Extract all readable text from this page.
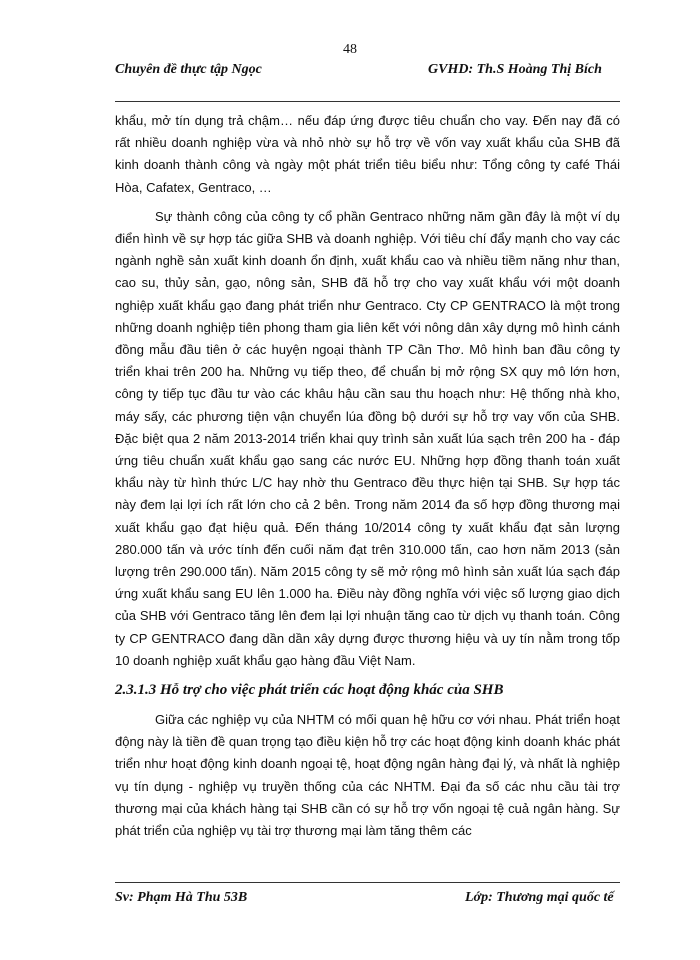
48
Chuyên đề thực tập Ngọc	GVHD: Th.S Hoàng Thị Bích

khẩu, mở tín dụng trả chậm… nếu đáp ứng được tiêu chuẩn cho vay. Đến nay đã có rất nhiều doanh nghiệp vừa và nhỏ nhờ sự hỗ trợ về vốn vay xuất khẩu của SHB đã kinh doanh thành công và ngày một phát triển tiêu biểu như: Tổng công ty café Thái Hòa, Cafatex, Gentraco, …

Sự thành công của công ty cổ phần Gentraco những năm gần đây là một ví dụ điển hình về sự hợp tác giữa SHB và doanh nghiệp. Với tiêu chí đẩy mạnh cho vay các ngành nghề sản xuất kinh doanh ổn định, xuất khẩu cao và nhiều tiềm năng như than, cao su, thủy sản, gạo, nông sản, SHB đã hỗ trợ cho vay xuất khẩu với một doanh nghiệp xuất khẩu gạo đang phát triển như Gentraco. Cty CP GENTRACO là một trong những doanh nghiệp tiên phong tham gia liên kết với nông dân xây dựng mô hình cánh đồng mẫu đầu tiên ở các huyện ngoại thành TP Cần Thơ. Mô hình ban đầu công ty triển khai trên 200 ha. Những vụ tiếp theo, để chuẩn bị mở rộng SX quy mô lớn hơn, công ty tiếp tục đầu tư vào các khâu hậu cần sau thu hoạch như: Hệ thống nhà kho, máy sấy, các phương tiện vận chuyển lúa đồng bộ dưới sự hỗ trợ vay vốn của SHB. Đặc biệt qua 2 năm 2013-2014 triển khai quy trình sản xuất lúa sạch trên 200 ha - đáp ứng tiêu chuẩn xuất khẩu gạo sang các nước EU. Những hợp đồng thanh toán xuất khẩu này từ hình thức L/C hay nhờ thu Gentraco đều thực hiện tại SHB. Sự hợp tác này đem lại lợi ích rất lớn cho cả 2 bên. Trong năm 2014 đa số hợp đồng thương mại xuất khẩu gạo đạt hiệu quả. Đến tháng 10/2014 công ty xuất khẩu đạt sản lượng 280.000 tấn và ước tính đến cuối năm đạt trên 310.000 tấn, cao hơn năm 2013 (sản lượng trên 290.000 tấn). Năm 2015 công ty sẽ mở rộng mô hình sản xuất lúa sạch đáp ứng xuất khẩu sang EU lên 1.000 ha. Điều này đồng nghĩa với việc số lượng giao dịch của SHB với Gentraco tăng lên đem lại lợi nhuận tăng cao từ dịch vụ thanh toán. Công ty CP GENTRACO đang dần dần xây dựng được thương hiệu và uy tín nằm trong tốp 10 doanh nghiệp xuất khẩu gạo hàng đầu Việt Nam.

2.3.1.3 Hỗ trợ cho việc phát triển các hoạt động khác của SHB

Giữa các nghiệp vụ của NHTM có mối quan hệ hữu cơ với nhau. Phát triển hoạt động này là tiền đề quan trọng tạo điều kiện hỗ trợ các hoạt động kinh doanh khác phát triển như hoạt động kinh doanh ngoại tệ, hoạt động ngân hàng đại lý, và nhất là nghiệp vụ tín dụng - nghiệp vụ truyền thống của các NHTM. Đại đa số các nhu cầu tài trợ thương mại của khách hàng tại SHB cần có sự hỗ trợ vốn ngoại tệ cuả ngân hàng. Sự phát triển của nghiệp vụ tài trợ thương mại làm tăng thêm các

Sv: Phạm Hà Thu 53B	Lớp: Thương mại quốc tế
